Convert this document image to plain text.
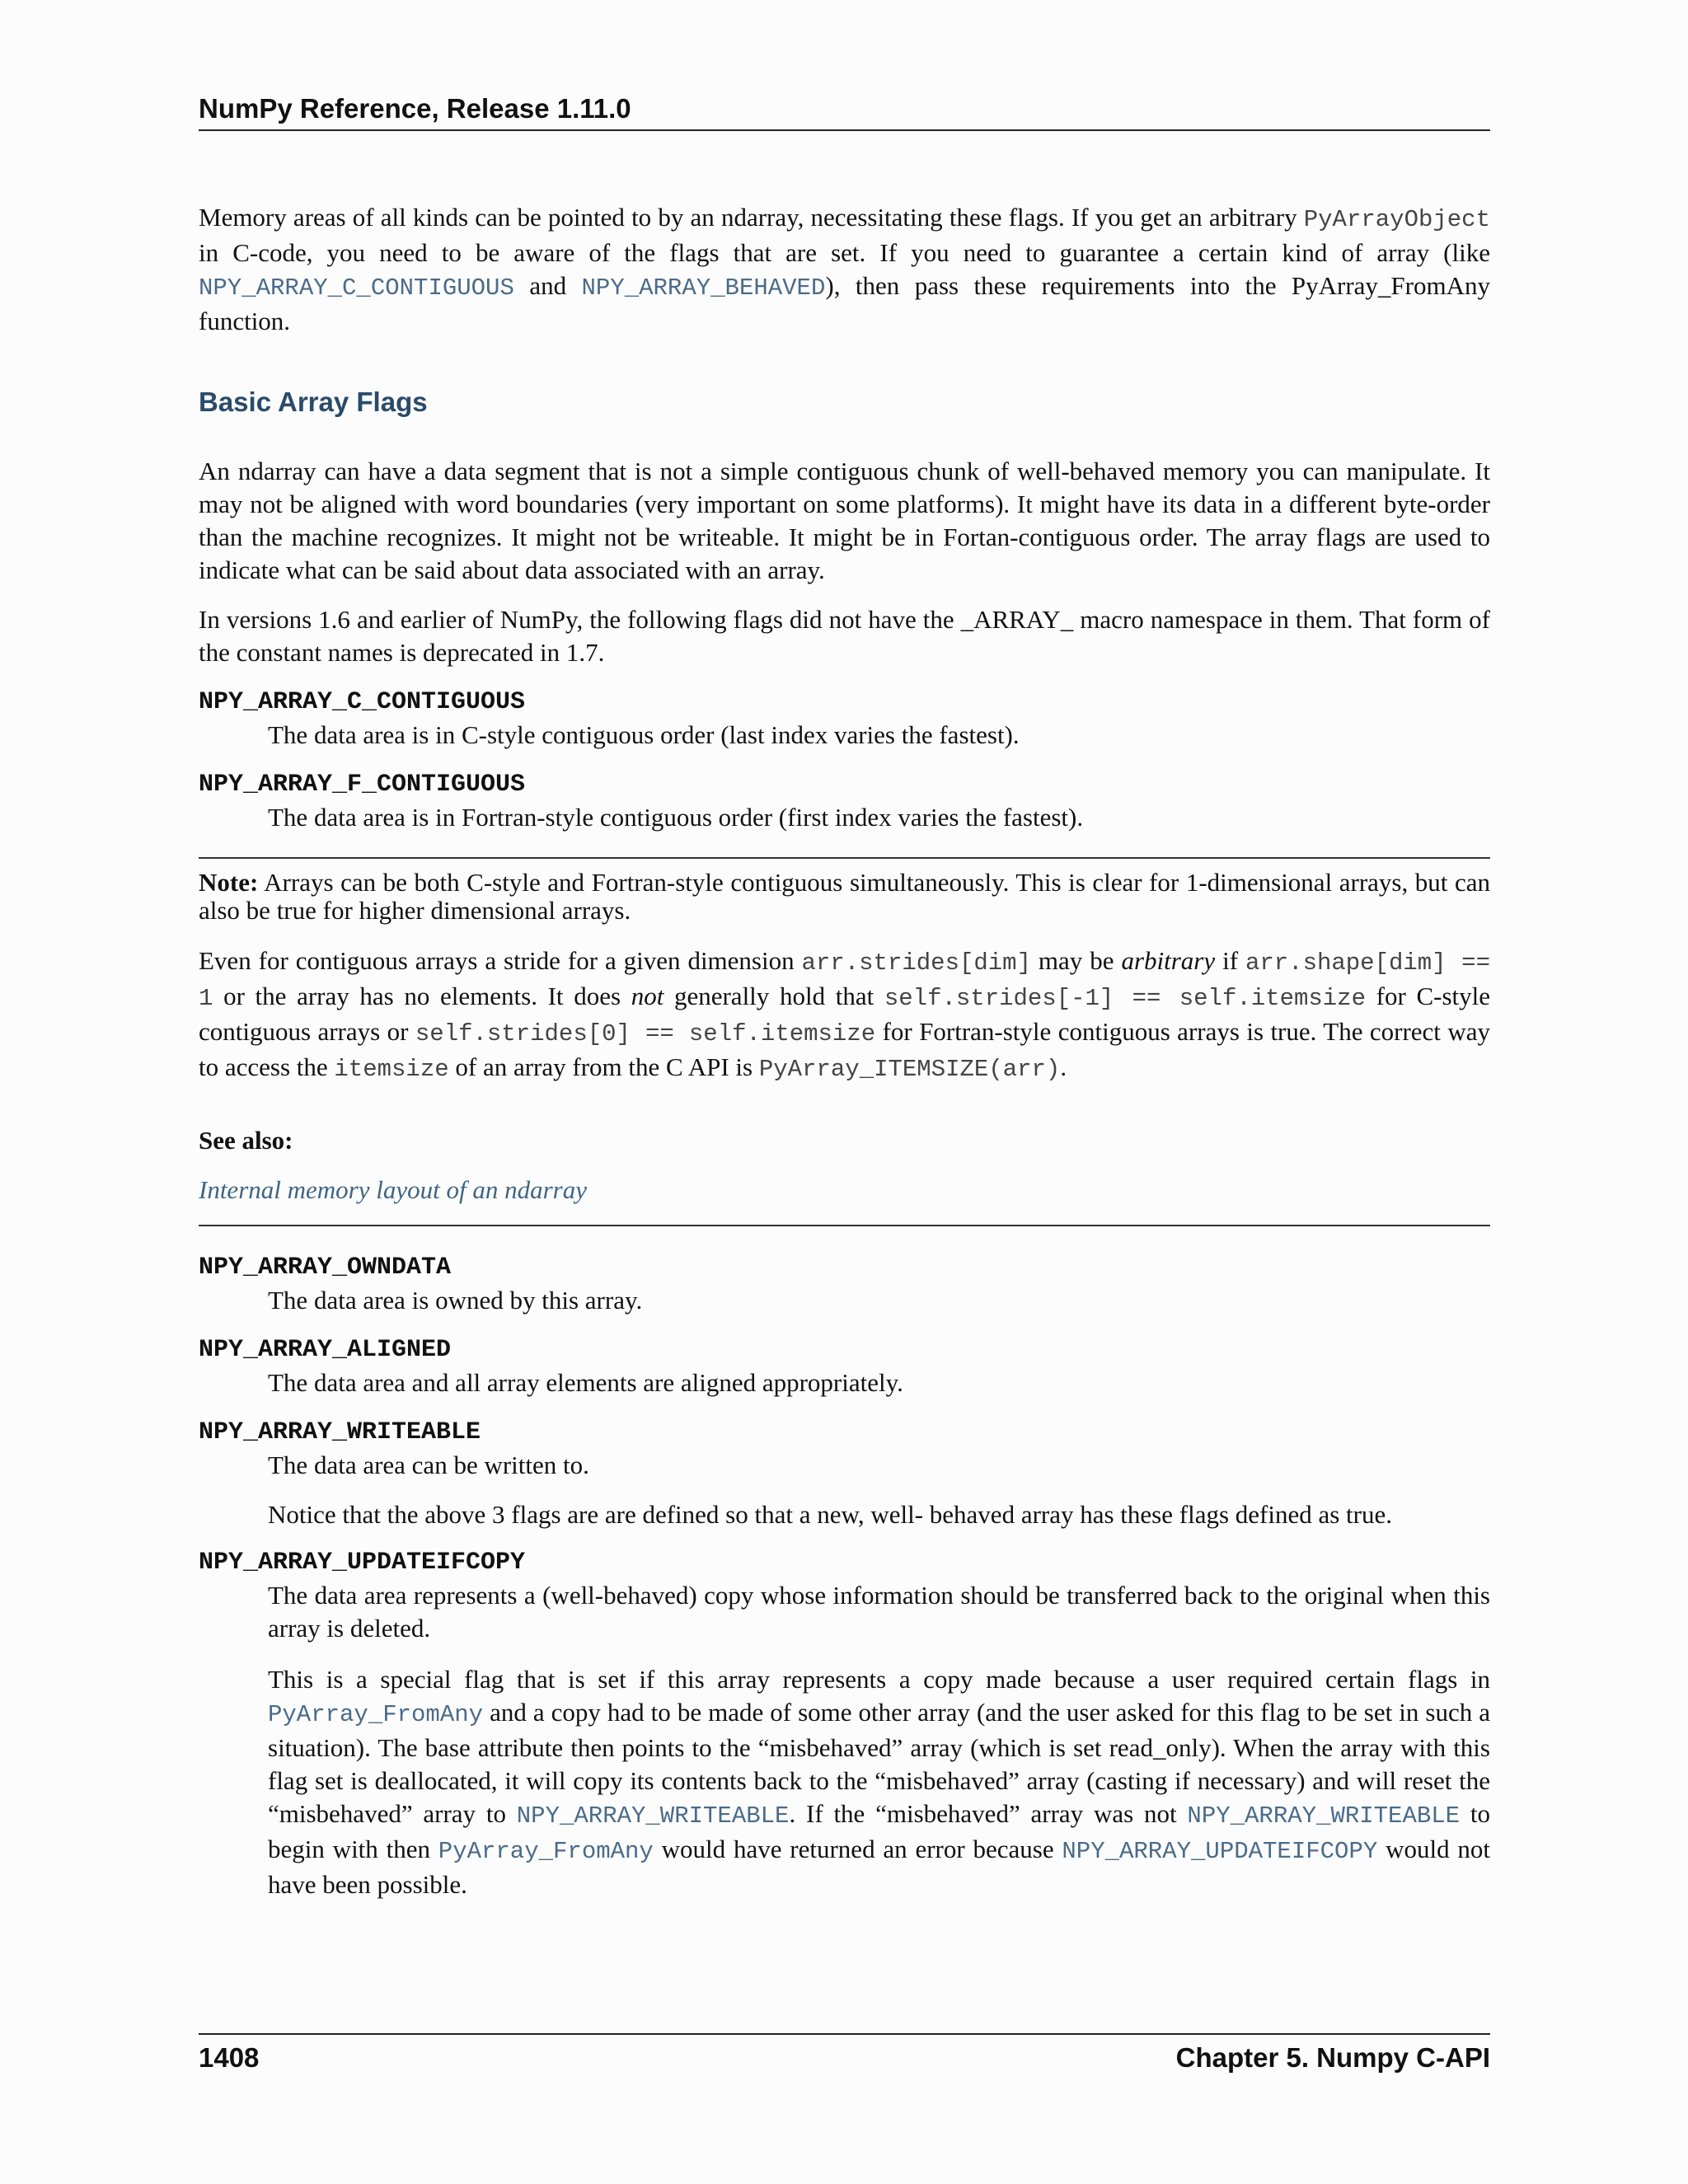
NumPy Reference, Release 1.11.0

Memory areas of all kinds can be pointed to by an ndarray, necessitating these flags. If you get an arbitrary PyArrayObject in C-code, you need to be aware of the flags that are set. If you need to guarantee a certain kind of array (like NPY_ARRAY_C_CONTIGUOUS and NPY_ARRAY_BEHAVED), then pass these requirements into the PyArray_FromAny function.

Basic Array Flags

An ndarray can have a data segment that is not a simple contiguous chunk of well-behaved memory you can manipulate. It may not be aligned with word boundaries (very important on some platforms). It might have its data in a different byte-order than the machine recognizes. It might not be writeable. It might be in Fortan-contiguous order. The array flags are used to indicate what can be said about data associated with an array.

In versions 1.6 and earlier of NumPy, the following flags did not have the _ARRAY_ macro namespace in them. That form of the constant names is deprecated in 1.7.

NPY_ARRAY_C_CONTIGUOUS

The data area is in C-style contiguous order (last index varies the fastest).

NPY_ARRAY_F_CONTIGUOUS

The data area is in Fortran-style contiguous order (first index varies the fastest).

Note: Arrays can be both C-style and Fortran-style contiguous simultaneously. This is clear for 1-dimensional arrays, but can also be true for higher dimensional arrays.

Even for contiguous arrays a stride for a given dimension arr.strides[dim] may be arbitrary if arr.shape[dim] == 1 or the array has no elements. It does not generally hold that self.strides[-1] == self.itemsize for C-style contiguous arrays or self.strides[0] == self.itemsize for Fortran-style contiguous arrays is true. The correct way to access the itemsize of an array from the C API is PyArray_ITEMSIZE(arr).

See also:

Internal memory layout of an ndarray

NPY_ARRAY_OWNDATA

The data area is owned by this array.

NPY_ARRAY_ALIGNED

The data area and all array elements are aligned appropriately.

NPY_ARRAY_WRITEABLE

The data area can be written to.

Notice that the above 3 flags are are defined so that a new, well- behaved array has these flags defined as true.

NPY_ARRAY_UPDATEIFCOPY

The data area represents a (well-behaved) copy whose information should be transferred back to the original when this array is deleted.

This is a special flag that is set if this array represents a copy made because a user required certain flags in PyArray_FromAny and a copy had to be made of some other array (and the user asked for this flag to be set in such a situation). The base attribute then points to the “misbehaved” array (which is set read_only). When the array with this flag set is deallocated, it will copy its contents back to the “misbehaved” array (casting if necessary) and will reset the “misbehaved” array to NPY_ARRAY_WRITEABLE. If the “misbehaved” array was not NPY_ARRAY_WRITEABLE to begin with then PyArray_FromAny would have returned an error because NPY_ARRAY_UPDATEIFCOPY would not have been possible.

1408	Chapter 5. Numpy C-API
